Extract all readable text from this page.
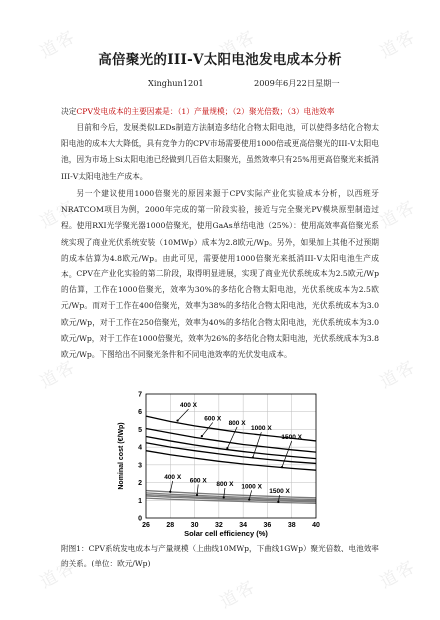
道客	道客	道客
道客	道客
道客	道客
道客
道客
道客
高倍聚光的III-Ⅴ太阳电池发电成本分析
Xinghun1201	2009年6月22日星期一

决定CPV发电成本的主要因素是：（1）产量规模；（2）聚光倍数；（3）电池效率

目前和今后，发展类似LEDs制造方法制造多结化合物太阳电池，可以使得多结化合物太阳电池的成本大大降低，具有竞争力的CPV市场需要使用1000倍或更高倍聚光的III-Ⅴ太阳电池，因为市场上Si太阳电池已经做到几百倍太阳聚光，虽然效率只有25%用更高倍聚光来抵消III-Ⅴ太阳电池生产成本。

另一个建议使用1000倍聚光的原因来源于CPV实际产业化实验成本分析，以西班牙NRATCOM项目为例，2000年完成的第一阶段实验，接近与完全聚光PV模块原型制造过程。使用RXI光学聚光器1000倍聚光，使用GaAs单结电池（25%）：使用高效率高倍聚光系统实现了商业光伏系统安装（10MWp）成本为2.8欧元/Wp。另外，如果加上其他不过预期的成本估算为4.8欧元/Wp。由此可见，需要使用1000倍聚光来抵消III-Ⅴ太阳电池生产成本。 CPV在产业化实验的第二阶段，取得明显进展，实现了商业光伏系统成本为2.5欧元/Wp的估算，工作在1000倍聚光，效率为30%的多结化合物太阳电池，光伏系统成本为2.5欧元/Wp。而对于工作在400倍聚光，效率为38%的多结化合物太阳电池，光伏系统成本为3.0欧元/Wp，对于工作在250倍聚光，效率为40%的多结化合物太阳电池，光伏系统成本为3.0欧元/Wp，对于工作在1000倍聚光，效率为26%的多结化合物太阳电池，光伏系统成本为3.8欧元/Wp。下图给出不同聚光条件和不同电池效率的光伏发电成本。

26 28 30 32 34 36 38 40
0
1
2
3
4
5
6
7
400 X
600 X
800 X
1000 X
1500 X
400 X
600 X
800 X 1000 X
1500 X
Solar cell efficiency (%)
Nominal cost (€/Wp)

附图1：CPV系统发电成本与产量规模（上曲线10MWp，下曲线1GWp）聚光倍数、电池效率的关系。(单位：欧元/Wp)
